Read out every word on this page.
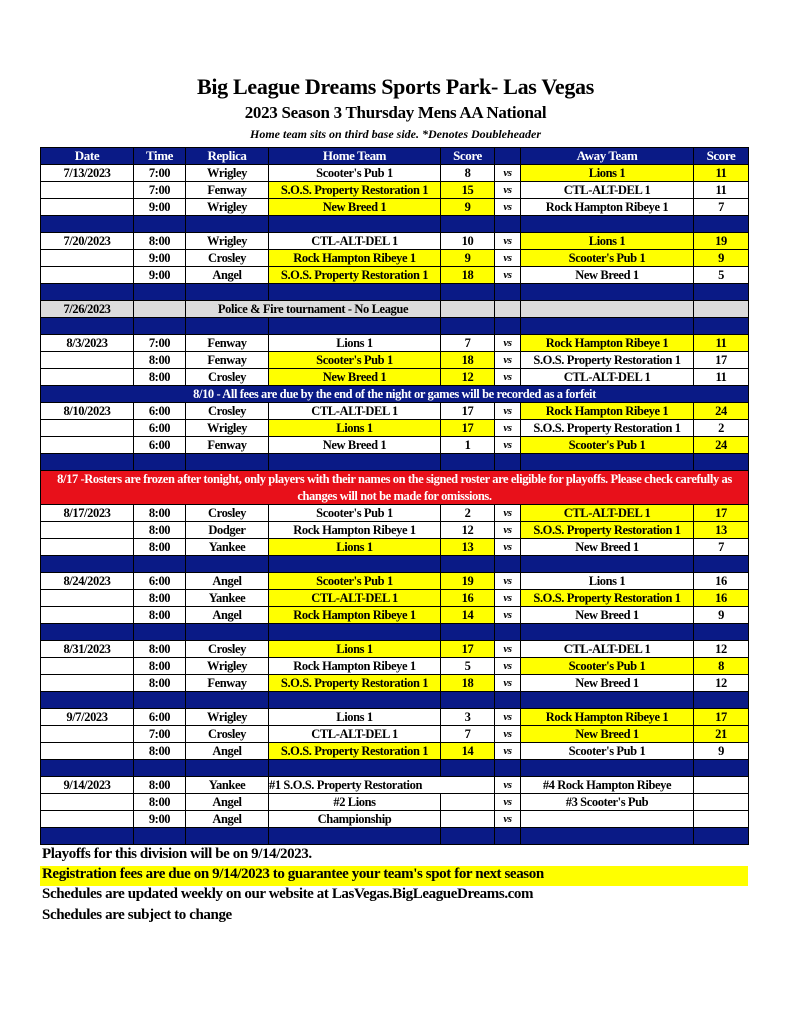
Big League Dreams Sports Park- Las Vegas
2023 Season 3 Thursday Mens AA National
Home team sits on third base side. *Denotes Doubleheader
Date	Time	Replica	Home Team	Score		Away Team	Score
7/13/2023	7:00	Wrigley	Scooter's Pub 1	8	vs	Lions 1	11
	7:00	Fenway	S.O.S. Property Restoration 1	15	vs	CTL-ALT-DEL 1	11
	9:00	Wrigley	New Breed 1	9	vs	Rock Hampton Ribeye 1	7

7/20/2023	8:00	Wrigley	CTL-ALT-DEL 1	10	vs	Lions 1	19
	9:00	Crosley	Rock Hampton Ribeye 1	9	vs	Scooter's Pub 1	9
	9:00	Angel	S.O.S. Property Restoration 1	18	vs	New Breed 1	5

7/26/2023		Police & Fire tournament - No League					

8/3/2023	7:00	Fenway	Lions 1	7	vs	Rock Hampton Ribeye 1	11
	8:00	Fenway	Scooter's Pub 1	18	vs	S.O.S. Property Restoration 1	17
	8:00	Crosley	New Breed 1	12	vs	CTL-ALT-DEL 1	11
8/10 - All fees are due by the end of the night or games will be recorded as a forfeit							
8/10/2023	6:00	Crosley	CTL-ALT-DEL 1	17	vs	Rock Hampton Ribeye 1	24
	6:00	Wrigley	Lions 1	17	vs	S.O.S. Property Restoration 1	2
	6:00	Fenway	New Breed 1	1	vs	Scooter's Pub 1	24

8/17 -Rosters are frozen after tonight, only players with their names on the signed roster are eligible for playoffs. Please check carefully as changes will not be made for omissions.							
8/17/2023	8:00	Crosley	Scooter's Pub 1	2	vs	CTL-ALT-DEL 1	17
	8:00	Dodger	Rock Hampton Ribeye 1	12	vs	S.O.S. Property Restoration 1	13
	8:00	Yankee	Lions 1	13	vs	New Breed 1	7

8/24/2023	6:00	Angel	Scooter's Pub 1	19	vs	Lions 1	16
	8:00	Yankee	CTL-ALT-DEL 1	16	vs	S.O.S. Property Restoration 1	16
	8:00	Angel	Rock Hampton Ribeye 1	14	vs	New Breed 1	9

8/31/2023	8:00	Crosley	Lions 1	17	vs	CTL-ALT-DEL 1	12
	8:00	Wrigley	Rock Hampton Ribeye 1	5	vs	Scooter's Pub 1	8
	8:00	Fenway	S.O.S. Property Restoration 1	18	vs	New Breed 1	12

9/7/2023	6:00	Wrigley	Lions 1	3	vs	Rock Hampton Ribeye 1	17
	7:00	Crosley	CTL-ALT-DEL 1	7	vs	New Breed 1	21
	8:00	Angel	S.O.S. Property Restoration 1	14	vs	Scooter's Pub 1	9

9/14/2023	8:00	Yankee	#1 S.O.S. Property Restoration		vs	#4 Rock Hampton Ribeye	
	8:00	Angel	#2 Lions		vs	#3 Scooter's Pub	
	9:00	Angel	Championship		vs		

Playoffs for this division will be on 9/14/2023.
Registration fees are due on 9/14/2023 to guarantee your team's spot for next season
Schedules are updated weekly on our website at LasVegas.BigLeagueDreams.com
Schedules are subject to change
